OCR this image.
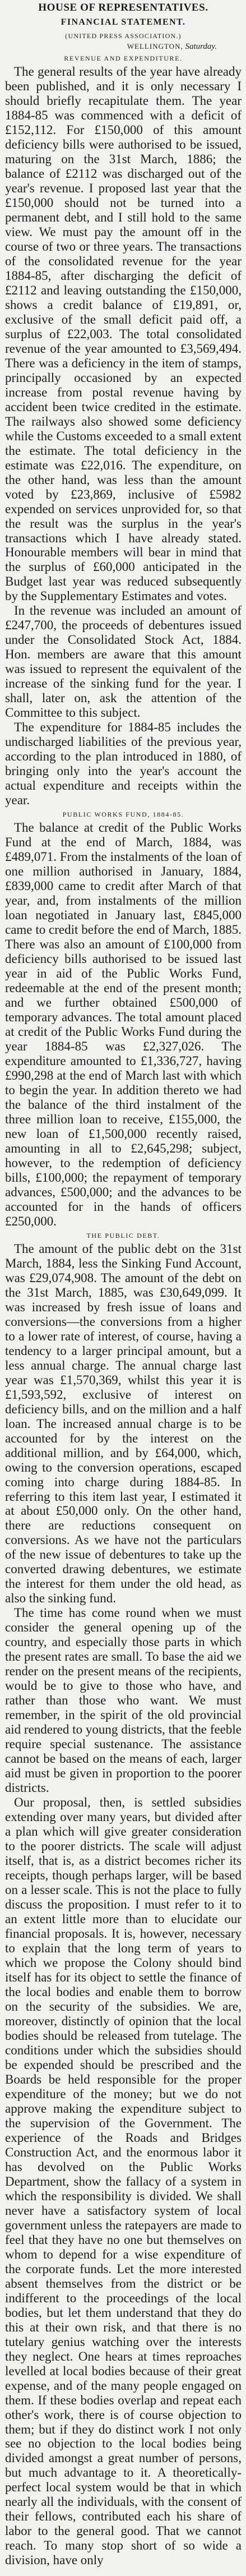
HOUSE OF REPRESENTATIVES.
FINANCIAL STATEMENT.
(UNITED PRESS ASSOCIATION.)
WELLINGTON, Saturday.
REVENUE AND EXPENDITURE.

The general results of the year have already been published, and it is only necessary I should briefly recapitulate them. The year 1884-85 was commenced with a deficit of £152,112. For £150,000 of this amount deficiency bills were authorised to be issued, maturing on the 31st March, 1886; the balance of £2112 was discharged out of the year's revenue. I proposed last year that the £150,000 should not be turned into a permanent debt, and I still hold to the same view. We must pay the amount off in the course of two or three years. The transactions of the consolidated revenue for the year 1884-85, after discharging the deficit of £2112 and leaving outstanding the £150,000, shows a credit balance of £19,891, or, exclusive of the small deficit paid off, a surplus of £22,003. The total consolidated revenue of the year amounted to £3,569,494. There was a deficiency in the item of stamps, principally occasioned by an expected increase from postal revenue having by accident been twice credited in the estimate. The railways also showed some deficiency while the Customs exceeded to a small extent the estimate. The total deficiency in the estimate was £22,016. The expenditure, on the other hand, was less than the amount voted by £23,869, inclusive of £5982 expended on services unprovided for, so that the result was the surplus in the year's transactions which I have already stated. Honourable members will bear in mind that the surplus of £60,000 anticipated in the Budget last year was reduced subsequently by the Supplementary Estimates and votes.

In the revenue was included an amount of £247,700, the proceeds of debentures issued under the Consolidated Stock Act, 1884. Hon. members are aware that this amount was issued to represent the equivalent of the increase of the sinking fund for the year. I shall, later on, ask the attention of the Committee to this subject.

The expenditure for 1884-85 includes the undischarged liabilities of the previous year, according to the plan introduced in 1880, of bringing only into the year's account the actual expenditure and receipts within the year.

PUBLIC WORKS FUND, 1884-85.

The balance at credit of the Public Works Fund at the end of March, 1884, was £489,071. From the instalments of the loan of one million authorised in January, 1884, £839,000 came to credit after March of that year, and, from instalments of the million loan negotiated in January last, £845,000 came to credit before the end of March, 1885. There was also an amount of £100,000 from deficiency bills authorised to be issued last year in aid of the Public Works Fund, redeemable at the end of the present month; and we further obtained £500,000 of temporary advances. The total amount placed at credit of the Public Works Fund during the year 1884-85 was £2,327,026. The expenditure amounted to £1,336,727, having £990,298 at the end of March last with which to begin the year. In addition thereto we had the balance of the third instalment of the three million loan to receive, £155,000, the new loan of £1,500,000 recently raised, amounting in all to £2,645,298; subject, however, to the redemption of deficiency bills, £100,000; the repayment of temporary advances, £500,000; and the advances to be accounted for in the hands of officers £250,000.

THE PUBLIC DEBT.

The amount of the public debt on the 31st March, 1884, less the Sinking Fund Account, was £29,074,908. The amount of the debt on the 31st March, 1885, was £30,649,099. It was increased by fresh issue of loans and conversions—the conversions from a higher to a lower rate of interest, of course, having a tendency to a larger principal amount, but a less annual charge. The annual charge last year was £1,570,369, whilst this year it is £1,593,592, exclusive of interest on deficiency bills, and on the million and a half loan. The increased annual charge is to be accounted for by the interest on the additional million, and by £64,000, which, owing to the conversion operations, escaped coming into charge during 1884-85. In referring to this item last year, I estimated it at about £50,000 only. On the other hand, there are reductions consequent on conversions. As we have not the particulars of the new issue of debentures to take up the converted drawing debentures, we estimate the interest for them under the old head, as also the sinking fund.

The time has come round when we must consider the general opening up of the country, and especially those parts in which the present rates are small. To base the aid we render on the present means of the recipients, would be to give to those who have, and rather than those who want. We must remember, in the spirit of the old provincial aid rendered to young districts, that the feeble require special sustenance. The assistance cannot be based on the means of each, larger aid must be given in proportion to the poorer districts.

Our proposal, then, is settled subsidies extending over many years, but divided after a plan which will give greater consideration to the poorer districts. The scale will adjust itself, that is, as a district becomes richer its receipts, though perhaps larger, will be based on a lesser scale. This is not the place to fully discuss the proposition. I must refer to it to an extent little more than to elucidate our financial proposals. It is, however, necessary to explain that the long term of years to which we propose the Colony should bind itself has for its object to settle the finance of the local bodies and enable them to borrow on the security of the subsidies. We are, moreover, distinctly of opinion that the local bodies should be released from tutelage. The conditions under which the subsidies should be expended should be prescribed and the Boards be held responsible for the proper expenditure of the money; but we do not approve making the expenditure subject to the supervision of the Government. The experience of the Roads and Bridges Construction Act, and the enormous labor it has devolved on the Public Works Department, show the fallacy of a system in which the responsibility is divided. We shall never have a satisfactory system of local government unless the ratepayers are made to feel that they have no one but themselves on whom to depend for a wise expenditure of the corporate funds. Let the more interested absent themselves from the district or be indifferent to the proceedings of the local bodies, but let them understand that they do this at their own risk, and that there is no tutelary genius watching over the interests they neglect. One hears at times reproaches levelled at local bodies because of their great expense, and of the many people engaged on them. If these bodies overlap and repeat each other's work, there is of course objection to them; but if they do distinct work I not only see no objection to the local bodies being divided amongst a great number of persons, but much advantage to it. A theoretically-perfect local system would be that in which nearly all the individuals, with the consent of their fellows, contributed each his share of labor to the general good. That we cannot reach. To many stop short of so wide a division, have only
